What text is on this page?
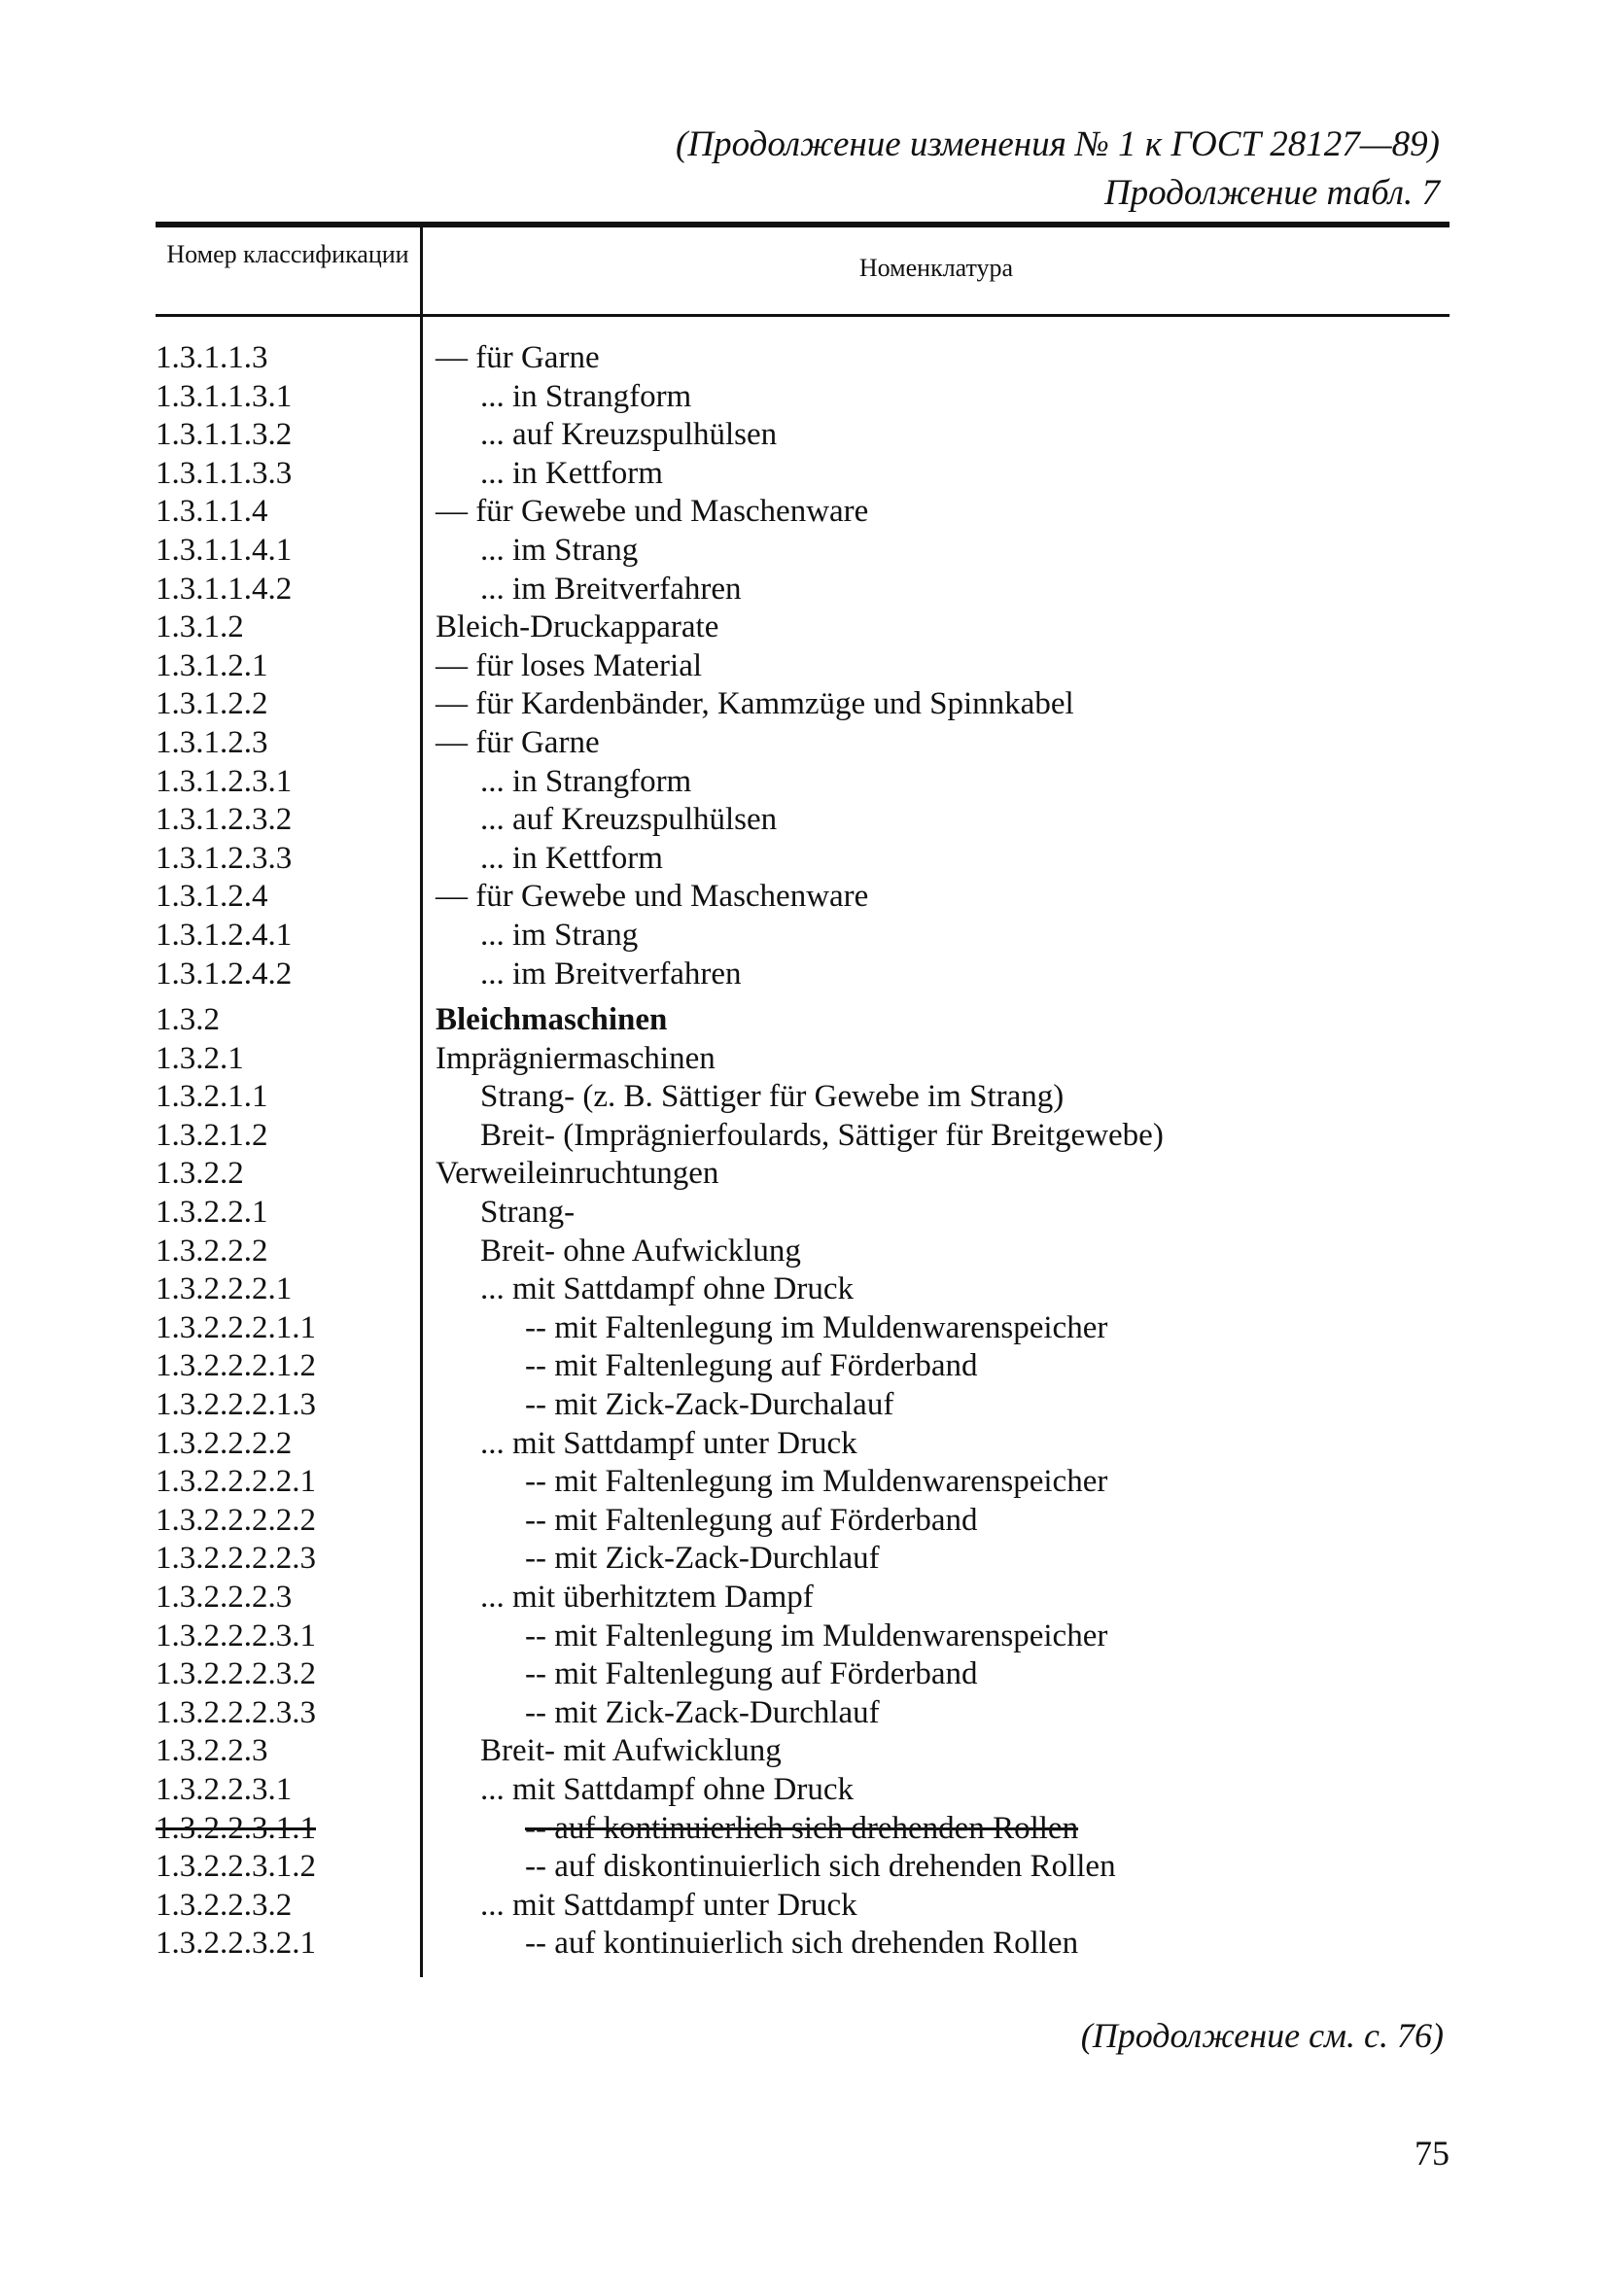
(Продолжение изменения № 1 к ГОСТ 28127—89)
Продолжение табл. 7
Номер классификации	Номенклатура
1.3.1.1.3	— für Garne
1.3.1.1.3.1	... in Strangform
1.3.1.1.3.2	... auf Kreuzspulhülsen
1.3.1.1.3.3	... in Kettform
1.3.1.1.4	— für Gewebe und Maschenware
1.3.1.1.4.1	... im Strang
1.3.1.1.4.2	... im Breitverfahren
1.3.1.2	Bleich-Druckapparate
1.3.1.2.1	— für loses Material
1.3.1.2.2	— für Kardenbänder, Kammzüge und Spinnkabel
1.3.1.2.3	— für Garne
1.3.1.2.3.1	... in Strangform
1.3.1.2.3.2	... auf Kreuzspulhülsen
1.3.1.2.3.3	... in Kettform
1.3.1.2.4	— für Gewebe und Maschenware
1.3.1.2.4.1	... im Strang
1.3.1.2.4.2	... im Breitverfahren
1.3.2	Bleichmaschinen
1.3.2.1	Imprägniermaschinen
1.3.2.1.1	Strang- (z. B. Sättiger für Gewebe im Strang)
1.3.2.1.2	Breit- (Imprägnierfoulards, Sättiger für Breitgewebe)
1.3.2.2	Verweileinruchtungen
1.3.2.2.1	Strang-
1.3.2.2.2	Breit- ohne Aufwicklung
1.3.2.2.2.1	... mit Sattdampf ohne Druck
1.3.2.2.2.1.1	-- mit Faltenlegung im Muldenwarenspeicher
1.3.2.2.2.1.2	-- mit Faltenlegung auf Förderband
1.3.2.2.2.1.3	-- mit Zick-Zack-Durchalauf
1.3.2.2.2.2	... mit Sattdampf unter Druck
1.3.2.2.2.2.1	-- mit Faltenlegung im Muldenwarenspeicher
1.3.2.2.2.2.2	-- mit Faltenlegung auf Förderband
1.3.2.2.2.2.3	-- mit Zick-Zack-Durchlauf
1.3.2.2.2.3	... mit überhitztem Dampf
1.3.2.2.2.3.1	-- mit Faltenlegung im Muldenwarenspeicher
1.3.2.2.2.3.2	-- mit Faltenlegung auf Förderband
1.3.2.2.2.3.3	-- mit Zick-Zack-Durchlauf
1.3.2.2.3	Breit- mit Aufwicklung
1.3.2.2.3.1	... mit Sattdampf ohne Druck
1.3.2.2.3.1.1	-- auf kontinuierlich sich drehenden Rollen
1.3.2.2.3.1.2	-- auf diskontinuierlich sich drehenden Rollen
1.3.2.2.3.2	... mit Sattdampf unter Druck
1.3.2.2.3.2.1	-- auf kontinuierlich sich drehenden Rollen
(Продолжение см. с. 76)
75
